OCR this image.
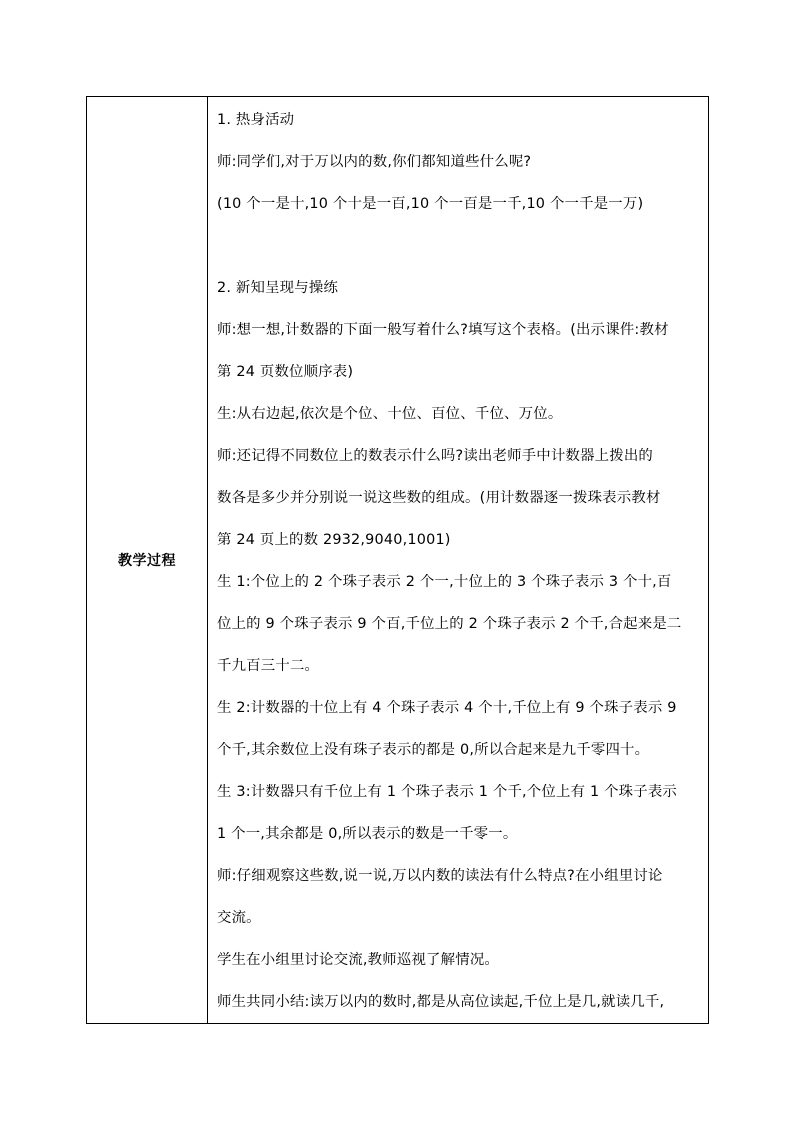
教学过程	

1. 热身活动

师:同学们,对于万以内的数,你们都知道些什么呢?

(10 个一是十,10 个十是一百,10 个一百是一千,10 个一千是一万)

2. 新知呈现与操练

师:想一想,计数器的下面一般写着什么?填写这个表格。(出示课件:教材

第 24 页数位顺序表)

生:从右边起,依次是个位、十位、百位、千位、万位。

师:还记得不同数位上的数表示什么吗?读出老师手中计数器上拨出的

数各是多少并分别说一说这些数的组成。(用计数器逐一拨珠表示教材

第 24 页上的数 2932,9040,1001)

生 1:个位上的 2 个珠子表示 2 个一,十位上的 3 个珠子表示 3 个十,百

位上的 9 个珠子表示 9 个百,千位上的 2 个珠子表示 2 个千,合起来是二

千九百三十二。

生 2:计数器的十位上有 4 个珠子表示 4 个十,千位上有 9 个珠子表示 9

个千,其余数位上没有珠子表示的都是 0,所以合起来是九千零四十。

生 3:计数器只有千位上有 1 个珠子表示 1 个千,个位上有 1 个珠子表示

1 个一,其余都是 0,所以表示的数是一千零一。

师:仔细观察这些数,说一说,万以内数的读法有什么特点?在小组里讨论

交流。

学生在小组里讨论交流,教师巡视了解情况。

师生共同小结:读万以内的数时,都是从高位读起,千位上是几,就读几千,
